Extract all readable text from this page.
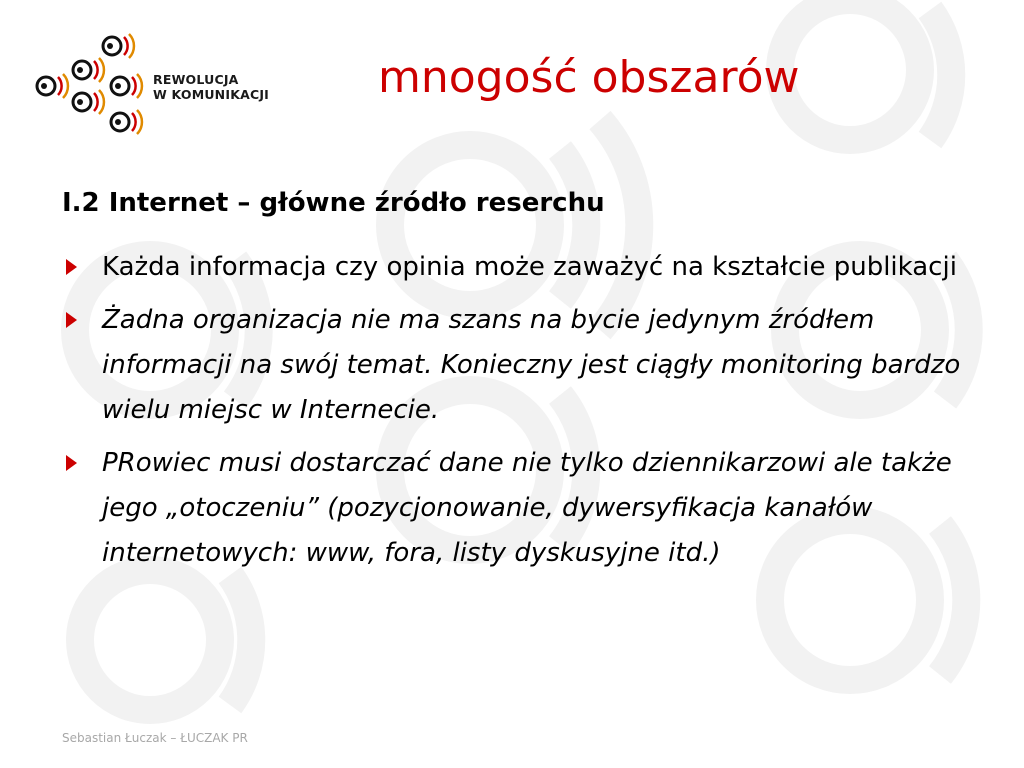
REWOLUCJA
W KOMUNIKACJI mnogość obszarów
I.2 Internet – główne źródło reserchu
Każda informacja czy opinia może zaważyć na kształcie publikacji
Żadna organizacja nie ma szans na bycie jedynym źródłem informacji na swój temat. Konieczny jest ciągły monitoring bardzo wielu miejsc w Internecie.
PRowiec musi dostarczać dane nie tylko dziennikarzowi ale także jego „otoczeniu” (pozycjonowanie, dywersyfikacja kanałów internetowych: www, fora, listy dyskusyjne itd.)
Sebastian Łuczak – ŁUCZAK PR
